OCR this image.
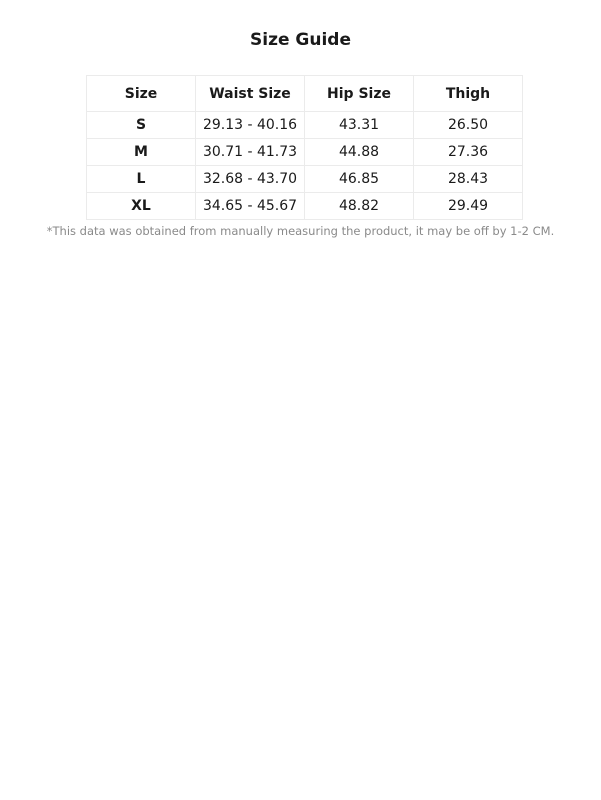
Size Guide
Size	Waist Size	Hip Size	Thigh
S	29.13 - 40.16	43.31	26.50
M	30.71 - 41.73	44.88	27.36
L	32.68 - 43.70	46.85	28.43
XL	34.65 - 45.67	48.82	29.49
*This data was obtained from manually measuring the product, it may be off by 1-2 CM.
